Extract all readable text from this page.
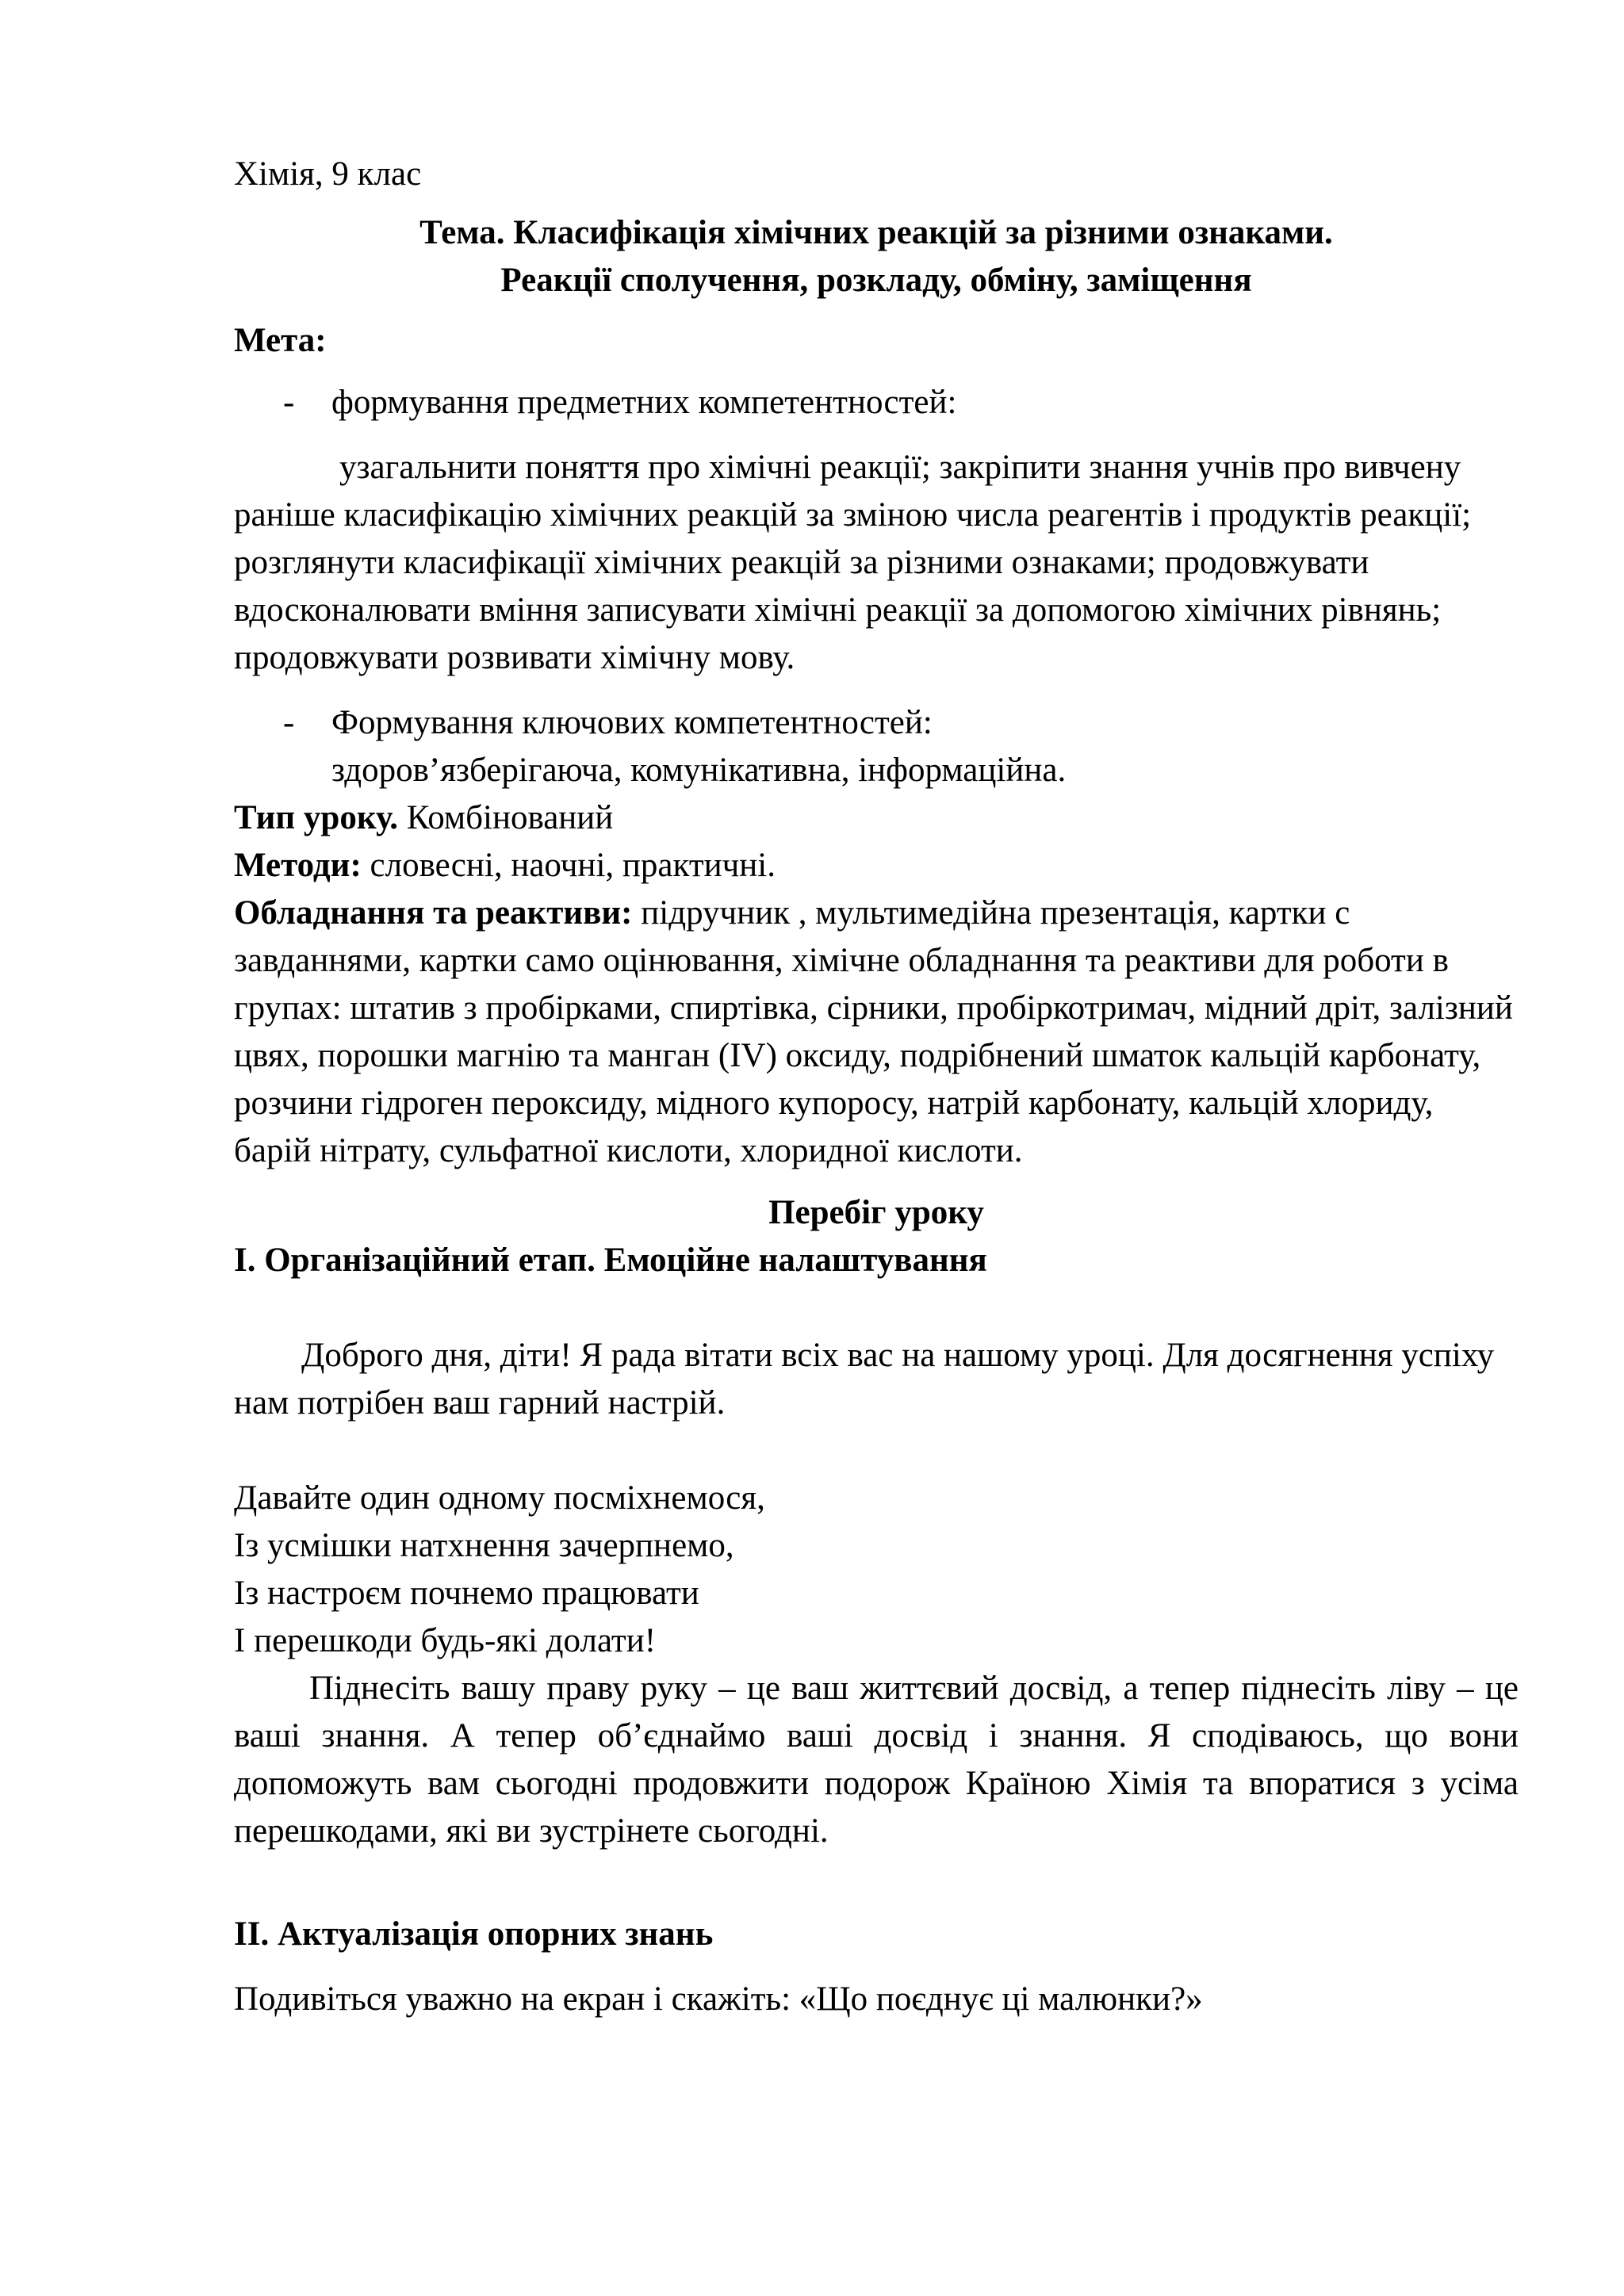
Хімія, 9 клас

Тема. Класифікація хімічних реакцій за різними ознаками.

Реакції сполучення, розкладу, обміну, заміщення

Мета:

- формування предметних компетентностей:

узагальнити поняття про хімічні реакції; закріпити знання учнів про вивчену раніше класифікацію хімічних реакцій за зміною числа реагентів і продуктів реакції; розглянути класифікації хімічних реакцій за різними ознаками; продовжувати вдосконалювати вміння записувати хімічні реакції за допомогою хімічних рівнянь; продовжувати розвивати хімічну мову.

- Формування ключових компетентностей:

здоров’язберігаюча, комунікативна, інформаційна.

Тип уроку. Комбінований

Методи: словесні, наочні, практичні.

Обладнання та реактиви: підручник , мультимедійна презентація, картки с завданнями, картки само оцінювання, хімічне обладнання та реактиви для роботи в групах: штатив з пробірками, спиртівка, сірники, пробіркотримач, мідний дріт, залізний цвях, порошки магнію та манган (IV) оксиду, подрібнений шматок кальцій карбонату, розчини гідроген пероксиду, мідного купоросу, натрій карбонату, кальцій хлориду, барій нітрату, сульфатної кислоти, хлоридної кислоти.

Перебіг уроку

І. Організаційний етап. Емоційне налаштування

Доброго дня, діти! Я рада вітати всіх вас на нашому уроці. Для досягнення успіху нам потрібен ваш гарний настрій.

Давайте один одному посміхнемося,

Із усмішки натхнення зачерпнемо,

Із настроєм почнемо працювати

І перешкоди будь-які долати!

Піднесіть вашу праву руку – це ваш життєвий досвід, а тепер піднесіть ліву – це ваші знання. А тепер об’єднаймо ваші досвід і знання. Я сподіваюсь, що вони допоможуть вам сьогодні продовжити подорож Країною Хімія та впоратися з усіма перешкодами, які ви зустрінете сьогодні.

ІІ. Актуалізація опорних знань

Подивіться уважно на екран і скажіть: «Що поєднує ці малюнки?»
